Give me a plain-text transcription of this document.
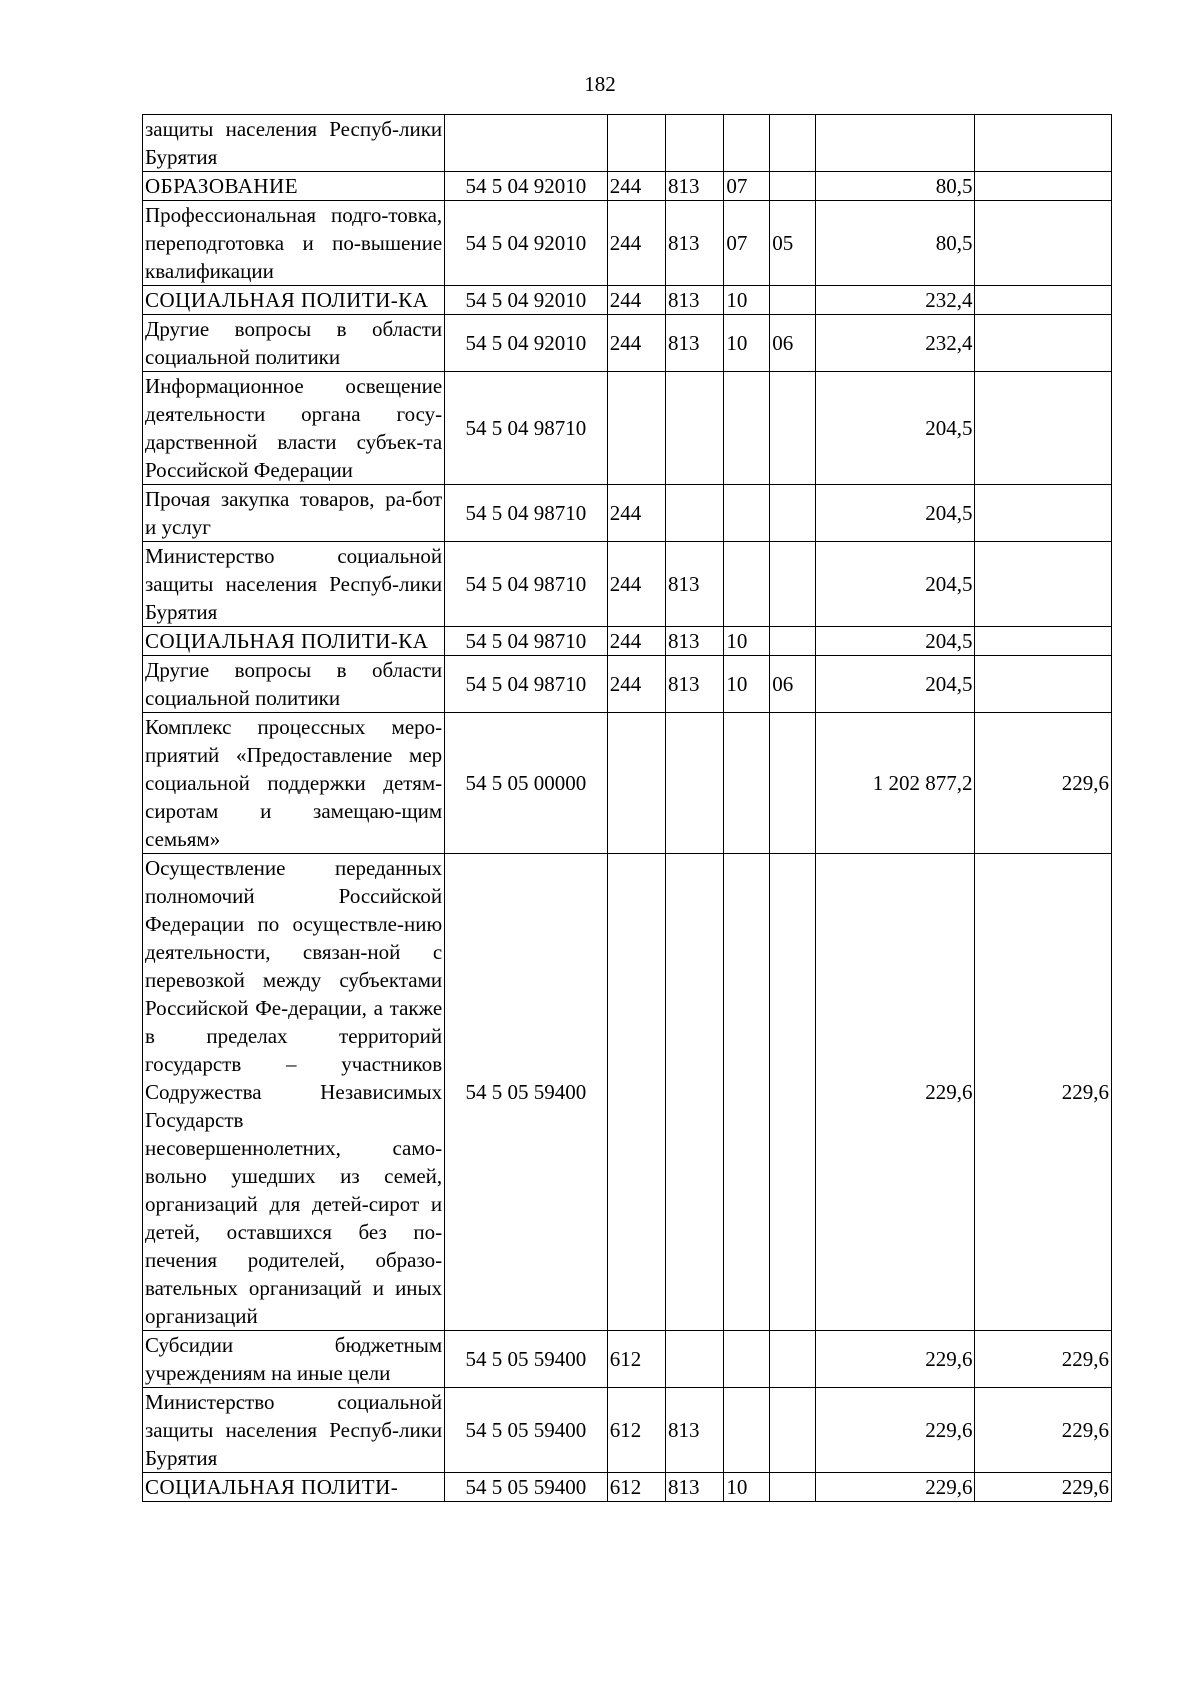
182
защиты населения Респуб-лики Бурятия							
ОБРАЗОВАНИЕ	54 5 04 92010	244	813	07		80,5	
Профессиональная подго-товка, переподготовка и по-вышение квалификации	54 5 04 92010	244	813	07	05	80,5	
СОЦИАЛЬНАЯ ПОЛИТИ-КА	54 5 04 92010	244	813	10		232,4	
Другие вопросы в области социальной политики	54 5 04 92010	244	813	10	06	232,4	
Информационное освещение деятельности органа госу-дарственной власти субъек-та Российской Федерации	54 5 04 98710					204,5	
Прочая закупка товаров, ра-бот и услуг	54 5 04 98710	244				204,5	
Министерство социальной защиты населения Респуб-лики Бурятия	54 5 04 98710	244	813			204,5	
СОЦИАЛЬНАЯ ПОЛИТИ-КА	54 5 04 98710	244	813	10		204,5	
Другие вопросы в области социальной политики	54 5 04 98710	244	813	10	06	204,5	
Комплекс процессных меро-приятий «Предоставление мер социальной поддержки детям-сиротам и замещаю-щим семьям»	54 5 05 00000					1 202 877,2	229,6
Осуществление переданных полномочий Российской Федерации по осуществле-нию деятельности, связан-ной с перевозкой между субъектами Российской Фе-дерации, а также в пределах территорий государств – участников Содружества Независимых Государств несовершеннолетних, само-вольно ушедших из семей, организаций для детей-сирот и детей, оставшихся без по-печения родителей, образо-вательных организаций и иных организаций	54 5 05 59400					229,6	229,6
Субсидии бюджетным учреждениям на иные цели	54 5 05 59400	612				229,6	229,6
Министерство социальной защиты населения Респуб-лики Бурятия	54 5 05 59400	612	813			229,6	229,6
СОЦИАЛЬНАЯ ПОЛИТИ-	54 5 05 59400	612	813	10		229,6	229,6
